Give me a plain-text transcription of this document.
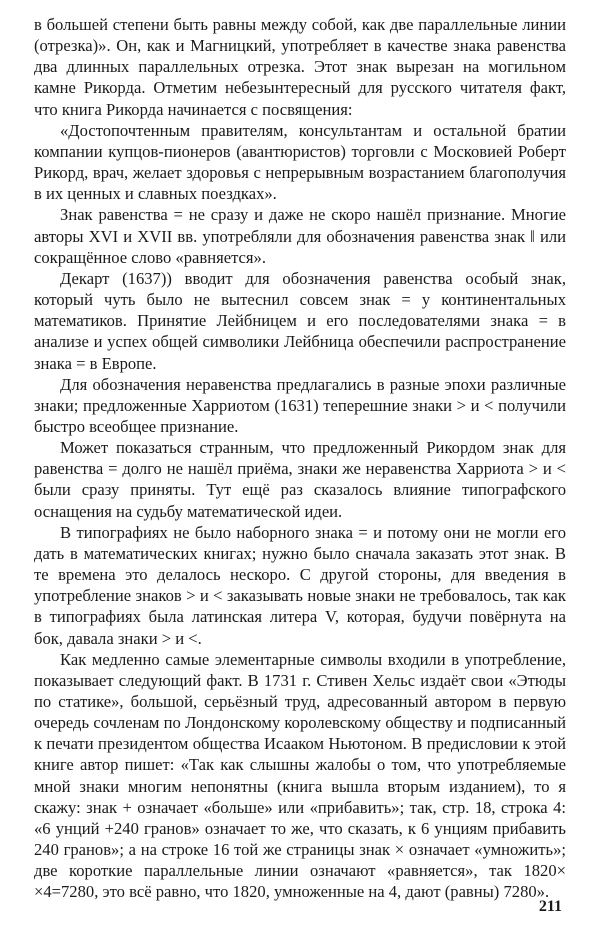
в большей степени быть равны между собой, как две параллельные линии (отрезка)». Он, как и Магницкий, употребляет в качестве знака равенства два длинных параллельных отрезка. Этот знак вырезан на могильном камне Рикорда. Отметим небезынтересный для русского читателя факт, что книга Рикорда начинается с посвящения:

«Достопочтенным правителям, консультантам и остальной братии компании купцов-пионеров (авантюристов) торговли с Московией Роберт Рикорд, врач, желает здоровья с непрерывным возрастанием благополучия в их ценных и славных поездках».

Знак равенства = не сразу и даже не скоро нашёл признание. Многие авторы XVI и XVII вв. употребляли для обозначения равенства знак ‖ или сокращённое слово «равняется».

Декарт (1637)) вводит для обозначения равенства особый знак, который чуть было не вытеснил совсем знак = у континентальных математиков. Принятие Лейбницем и его последователями знака = в анализе и успех общей символики Лейбница обеспечили распространение знака = в Европе.

Для обозначения неравенства предлагались в разные эпохи различные знаки; предложенные Харриотом (1631) теперешние знаки > и < получили быстро всеобщее признание.

Может показаться странным, что предложенный Рикордом знак для равенства = долго не нашёл приёма, знаки же неравенства Харриота > и < были сразу приняты. Тут ещё раз сказалось влияние типографского оснащения на судьбу математической идеи.

В типографиях не было наборного знака = и потому они не могли его дать в математических книгах; нужно было сначала заказать этот знак. В те времена это делалось нескоро. С другой стороны, для введения в употребление знаков > и < заказывать новые знаки не требовалось, так как в типографиях была латинская литера V, которая, будучи повёрнута на бок, давала знаки > и <.

Как медленно самые элементарные символы входили в употребление, показывает следующий факт. В 1731 г. Стивен Хельс издаёт свои «Этюды по статике», большой, серьёзный труд, адресованный автором в первую очередь сочленам по Лондонскому королевскому обществу и подписанный к печати президентом общества Исааком Ньютоном. В предисловии к этой книге автор пишет: «Так как слышны жалобы о том, что употребляемые мной знаки многим непонятны (книга вышла вторым изданием), то я скажу: знак + означает «больше» или «прибавить»; так, стр. 18, строка 4: «6 унций +240 гранов» означает то же, что сказать, к 6 унциям прибавить 240 гранов»; а на строке 16 той же страницы знак × означает «умножить»; две короткие параллельные линии означают «равняется», так 1820× ×4=7280, это всё равно, что 1820, умноженные на 4, дают (равны) 7280».

211
